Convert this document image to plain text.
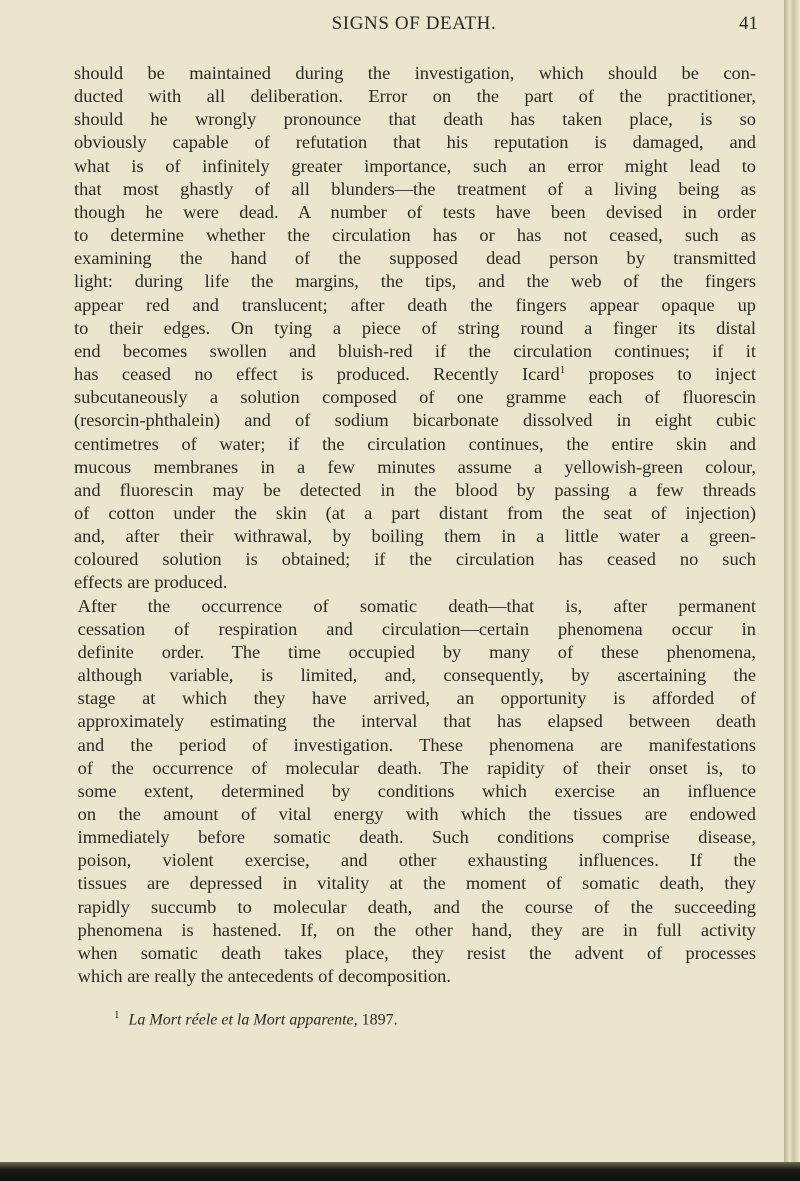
SIGNS OF DEATH.	41

should be maintained during the investigation, which should be con-
ducted with all deliberation. Error on the part of the practitioner,
should he wrongly pronounce that death has taken place, is so
obviously capable of refutation that his reputation is damaged, and
what is of infinitely greater importance, such an error might lead to
that most ghastly of all blunders—the treatment of a living being as
though he were dead. A number of tests have been devised in order
to determine whether the circulation has or has not ceased, such as
examining the hand of the supposed dead person by transmitted
light: during life the margins, the tips, and the web of the fingers
appear red and translucent; after death the fingers appear opaque up
to their edges. On tying a piece of string round a finger its distal
end becomes swollen and bluish-red if the circulation continues; if it
has ceased no effect is produced. Recently Icard$^1$ proposes to inject
subcutaneously a solution composed of one gramme each of fluorescin
(resorcin-phthalein) and of sodium bicarbonate dissolved in eight cubic
centimetres of water; if the circulation continues, the entire skin and
mucous membranes in a few minutes assume a yellowish-green colour,
and fluorescin may be detected in the blood by passing a few threads
of cotton under the skin (at a part distant from the seat of injection)
and, after their withrawal, by boiling them in a little water a green-
coloured solution is obtained; if the circulation has ceased no such
effects are produced.

After the occurrence of somatic death—that is, after permanent
cessation of respiration and circulation—certain phenomena occur in
definite order. The time occupied by many of these phenomena,
although variable, is limited, and, consequently, by ascertaining the
stage at which they have arrived, an opportunity is afforded of
approximately estimating the interval that has elapsed between death
and the period of investigation. These phenomena are manifestations
of the occurrence of molecular death. The rapidity of their onset is, to
some extent, determined by conditions which exercise an influence
on the amount of vital energy with which the tissues are endowed
immediately before somatic death. Such conditions comprise disease,
poison, violent exercise, and other exhausting influences. If the
tissues are depressed in vitality at the moment of somatic death, they
rapidly succumb to molecular death, and the course of the succeeding
phenomena is hastened. If, on the other hand, they are in full activity
when somatic death takes place, they resist the advent of processes
which are really the antecedents of decomposition.

$^1$ La Mort réele et la Mort apparente, 1897.
